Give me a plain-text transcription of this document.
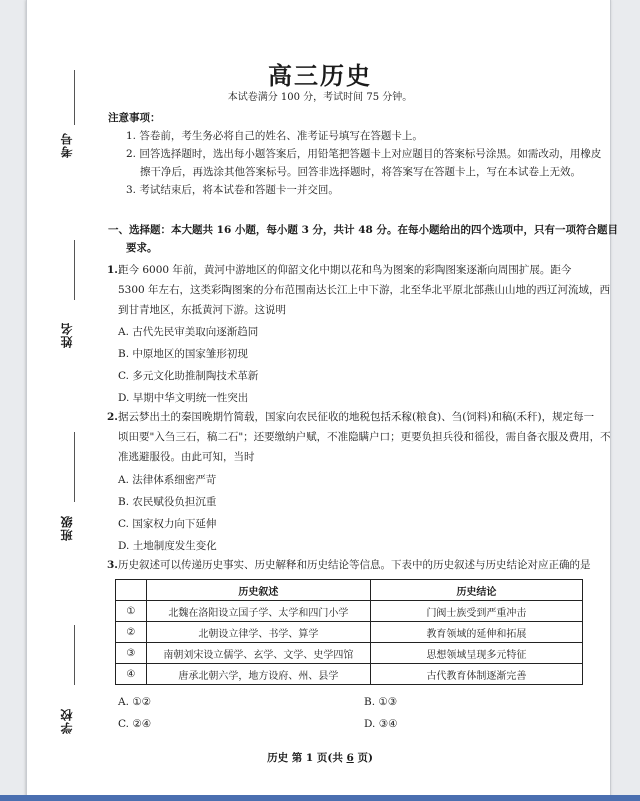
考号
姓名
班级
学校
高三历史
本试卷满分 100 分，考试时间 75 分钟。
注意事项：
1. 答卷前，考生务必将自己的姓名、准考证号填写在答题卡上。
2. 回答选择题时，选出每小题答案后，用铅笔把答题卡上对应题目的答案标号涂黑。如需改动，用橡皮
擦干净后，再选涂其他答案标号。回答非选择题时，将答案写在答题卡上，写在本试卷上无效。
3. 考试结束后，将本试卷和答题卡一并交回。
一、选择题：本大题共 16 小题，每小题 3 分，共计 48 分。在每小题给出的四个选项中，只有一项符合题目
要求。
1. 距今 6000 年前，黄河中游地区的仰韶文化中期以花和鸟为图案的彩陶图案逐渐向周围扩展。距今
5300 年左右，这类彩陶图案的分布范围南达长江上中下游，北至华北平原北部燕山山地的西辽河流域，西
到甘青地区，东抵黄河下游。这说明
A. 古代先民审美取向逐渐趋同
B. 中原地区的国家雏形初现
C. 多元文化助推制陶技术革新
D. 早期中华文明统一性突出
2. 据云梦出土的秦国晚期竹简载，国家向农民征收的地税包括禾稼(粮食)、刍(饲料)和稿(禾秆)，规定每一
顷田要"入刍三石，稿二石"；还要缴纳户赋，不准隐瞒户口；更要负担兵役和徭役，需自备衣服及费用，不
准逃避服役。由此可知，当时
A. 法律体系细密严苛
B. 农民赋役负担沉重
C. 国家权力向下延伸
D. 土地制度发生变化
3. 历史叙述可以传递历史事实、历史解释和历史结论等信息。下表中的历史叙述与历史结论对应正确的是
	历史叙述	历史结论
①	北魏在洛阳设立国子学、太学和四门小学	门阀士族受到严重冲击
②	北朝设立律学、书学、算学	教育领域的延伸和拓展
③	南朝刘宋设立儒学、玄学、文学、史学四馆	思想领域呈现多元特征
④	唐承北朝六学，地方设府、州、县学	古代教育体制逐渐完善
A. ①②	B. ①③
C. ②④	D. ③④
历史 第 1 页(共 6 页)
